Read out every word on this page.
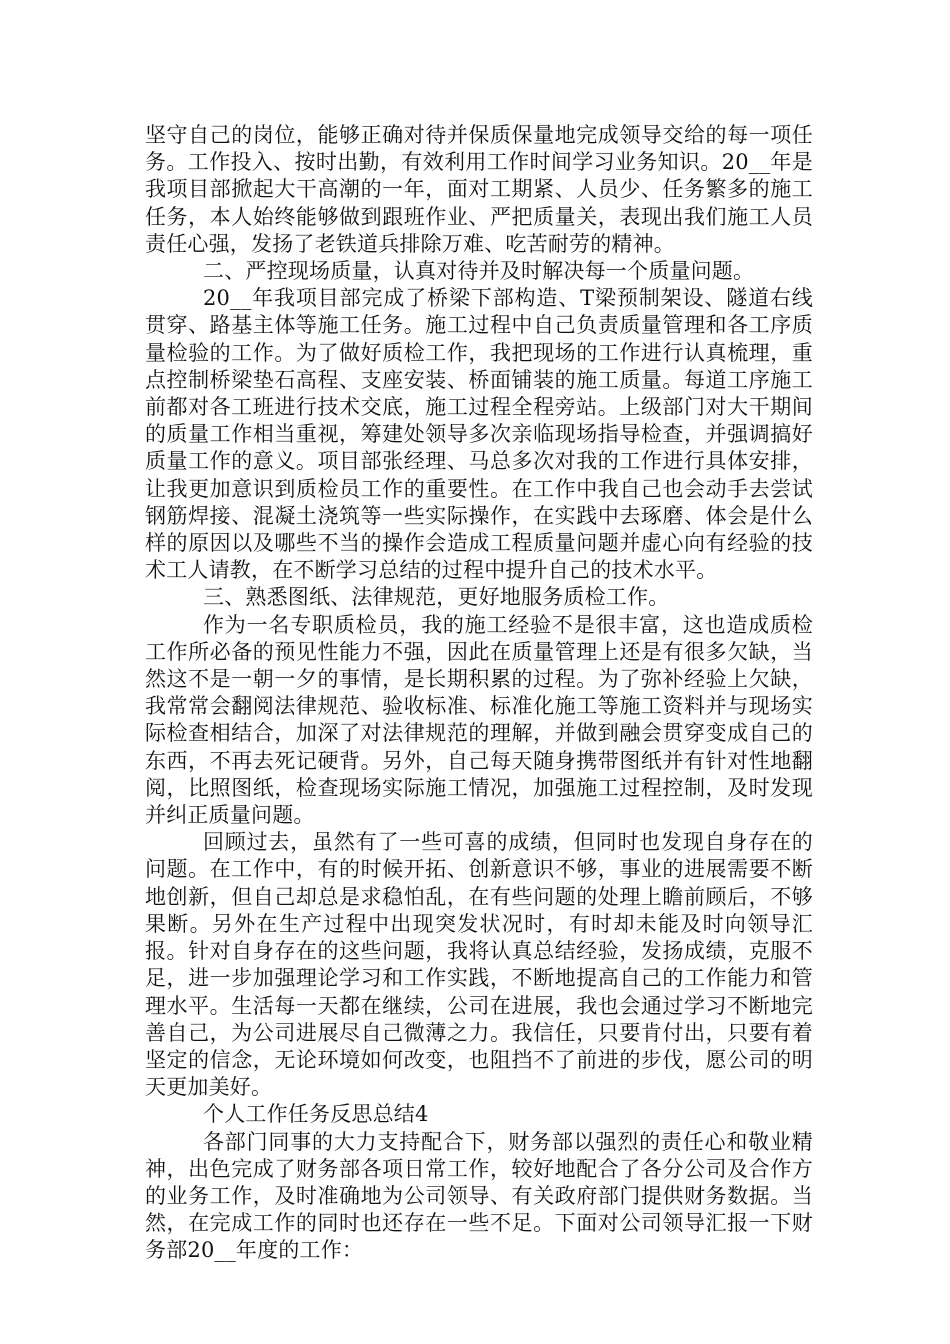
坚守自己的岗位，能够正确对待并保质保量地完成领导交给的每一项任务。工作投入、按时出勤，有效利用工作时间学习业务知识。20__年是我项目部掀起大干高潮的一年，面对工期紧、人员少、任务繁多的施工任务，本人始终能够做到跟班作业、严把质量关，表现出我们施工人员责任心强，发扬了老铁道兵排除万难、吃苦耐劳的精神。

二、严控现场质量，认真对待并及时解决每一个质量问题。

20__年我项目部完成了桥梁下部构造、T梁预制架设、隧道右线贯穿、路基主体等施工任务。施工过程中自己负责质量管理和各工序质量检验的工作。为了做好质检工作，我把现场的工作进行认真梳理，重点控制桥梁垫石高程、支座安装、桥面铺装的施工质量。每道工序施工前都对各工班进行技术交底，施工过程全程旁站。上级部门对大干期间的质量工作相当重视，筹建处领导多次亲临现场指导检查，并强调搞好质量工作的意义。项目部张经理、马总多次对我的工作进行具体安排，让我更加意识到质检员工作的重要性。在工作中我自己也会动手去尝试钢筋焊接、混凝土浇筑等一些实际操作，在实践中去琢磨、体会是什么样的原因以及哪些不当的操作会造成工程质量问题并虚心向有经验的技术工人请教，在不断学习总结的过程中提升自己的技术水平。

三、熟悉图纸、法律规范，更好地服务质检工作。

作为一名专职质检员，我的施工经验不是很丰富，这也造成质检工作所必备的预见性能力不强，因此在质量管理上还是有很多欠缺，当然这不是一朝一夕的事情，是长期积累的过程。为了弥补经验上欠缺，我常常会翻阅法律规范、验收标准、标准化施工等施工资料并与现场实际检查相结合，加深了对法律规范的理解，并做到融会贯穿变成自己的东西，不再去死记硬背。另外，自己每天随身携带图纸并有针对性地翻阅，比照图纸，检查现场实际施工情况，加强施工过程控制，及时发现并纠正质量问题。

回顾过去，虽然有了一些可喜的成绩，但同时也发现自身存在的问题。在工作中，有的时候开拓、创新意识不够，事业的进展需要不断地创新，但自己却总是求稳怕乱，在有些问题的处理上瞻前顾后，不够果断。另外在生产过程中出现突发状况时，有时却未能及时向领导汇报。针对自身存在的这些问题，我将认真总结经验，发扬成绩，克服不足，进一步加强理论学习和工作实践，不断地提高自己的工作能力和管理水平。生活每一天都在继续，公司在进展，我也会通过学习不断地完善自己，为公司进展尽自己微薄之力。我信任，只要肯付出，只要有着坚定的信念，无论环境如何改变，也阻挡不了前进的步伐，愿公司的明天更加美好。

个人工作任务反思总结4

各部门同事的大力支持配合下，财务部以强烈的责任心和敬业精神，出色完成了财务部各项日常工作，较好地配合了各分公司及合作方的业务工作，及时准确地为公司领导、有关政府部门提供财务数据。当然，在完成工作的同时也还存在一些不足。下面对公司领导汇报一下财务部20__年度的工作：
